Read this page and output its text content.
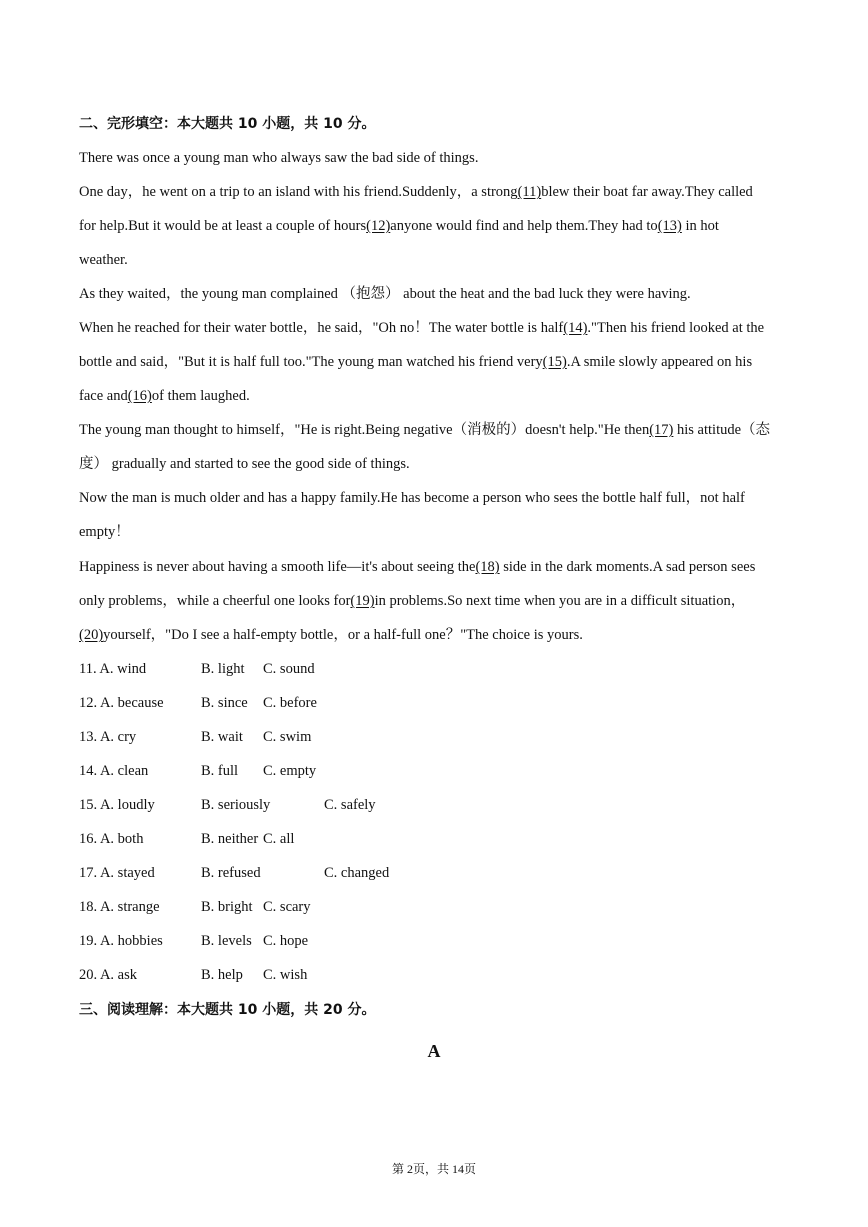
二、完形填空：本大题共 10 小题，共 10 分。
There was once a young man who always saw the bad side of things.
One day，he went on a trip to an island with his friend.Suddenly，a strong(11)blew their boat far away.They called
for help.But it would be at least a couple of hours(12)anyone would find and help them.They had to(13) in hot
weather.
As they waited，the young man complained （抱怨） about the heat and the bad luck they were having.
When he reached for their water bottle，he said，"Oh no！The water bottle is half(14)."Then his friend looked at the
bottle and said，"But it is half full too."The young man watched his friend very(15).A smile slowly appeared on his
face and(16)of them laughed.
The young man thought to himself，"He is right.Being negative（消极的）doesn't help."He then(17) his attitude（态
度） gradually and started to see the good side of things.
Now the man is much older and has a happy family.He has become a person who sees the bottle half full，not half
empty！
Happiness is never about having a smooth life—it's about seeing the(18) side in the dark moments.A sad person sees
only problems，while a cheerful one looks for(19)in problems.So next time when you are in a difficult situation，
(20)yourself，"Do I see a half-empty bottle，or a half-full one？"The choice is yours.
11. A. wind	B. light C. sound
12. A. because	B. since C. before
13. A. cry	B. wait C. swim
14. A. clean	B. full C. empty
15. A. loudly	B. seriously	C. safely
16. A. both	B. neither C. all
17. A. stayed	B. refused	C. changed
18. A. strange	B. bright C. scary
19. A. hobbies	B. levels C. hope
20. A. ask	B. help C. wish
三、阅读理解：本大题共 10 小题，共 20 分。
A
第 2页，共 14页
